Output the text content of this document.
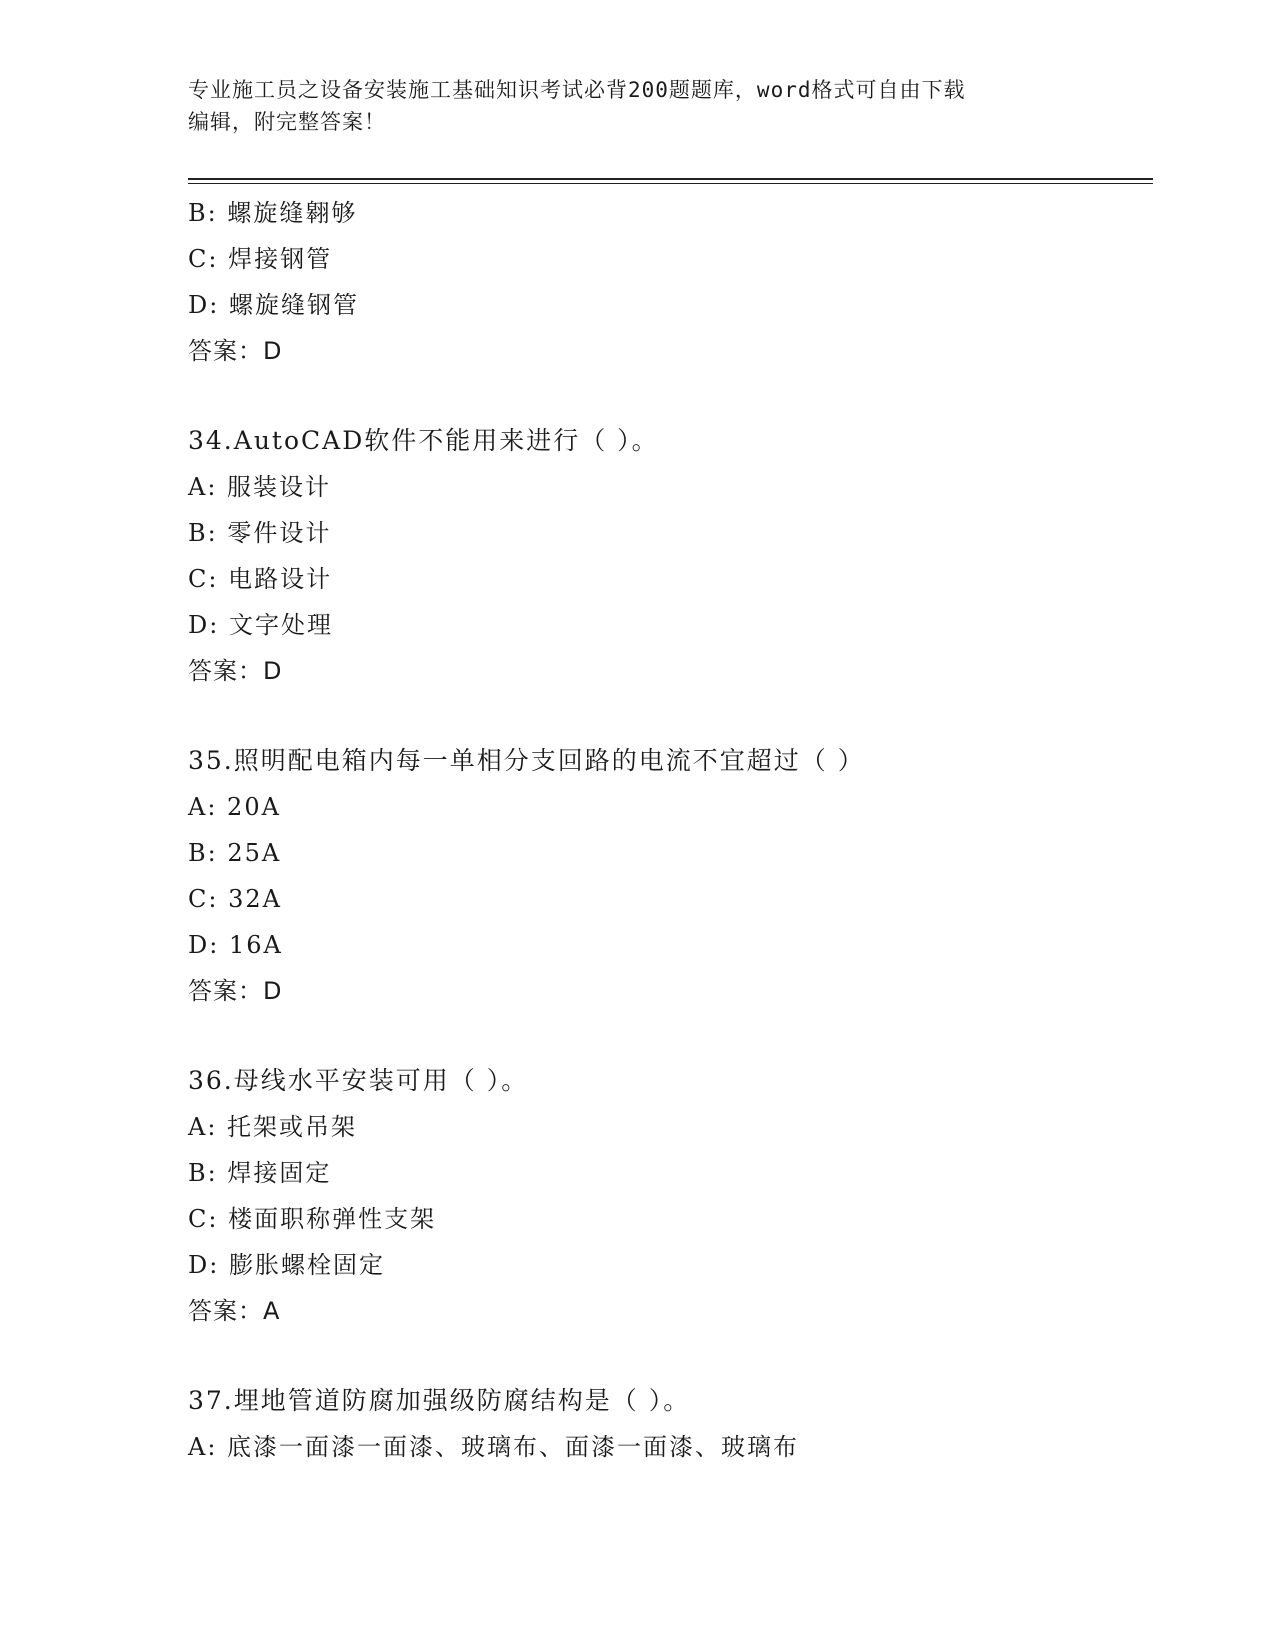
专业施工员之设备安装施工基础知识考试必背200题题库，word格式可自由下载
编辑，附完整答案！
B: 螺旋缝翱够
C: 焊接钢管
D: 螺旋缝钢管
答案：D
34.AutoCAD软件不能用来进行（ ）。
A: 服装设计
B: 零件设计
C: 电路设计
D: 文字处理
答案：D
35.照明配电箱内每一单相分支回路的电流不宜超过（ ）
A: 20A
B: 25A
C: 32A
D: 16A
答案：D
36.母线水平安装可用（ ）。
A: 托架或吊架
B: 焊接固定
C: 楼面职称弹性支架
D: 膨胀螺栓固定
答案：A
37.埋地管道防腐加强级防腐结构是（ ）。
A: 底漆一面漆一面漆、玻璃布、面漆一面漆、玻璃布
